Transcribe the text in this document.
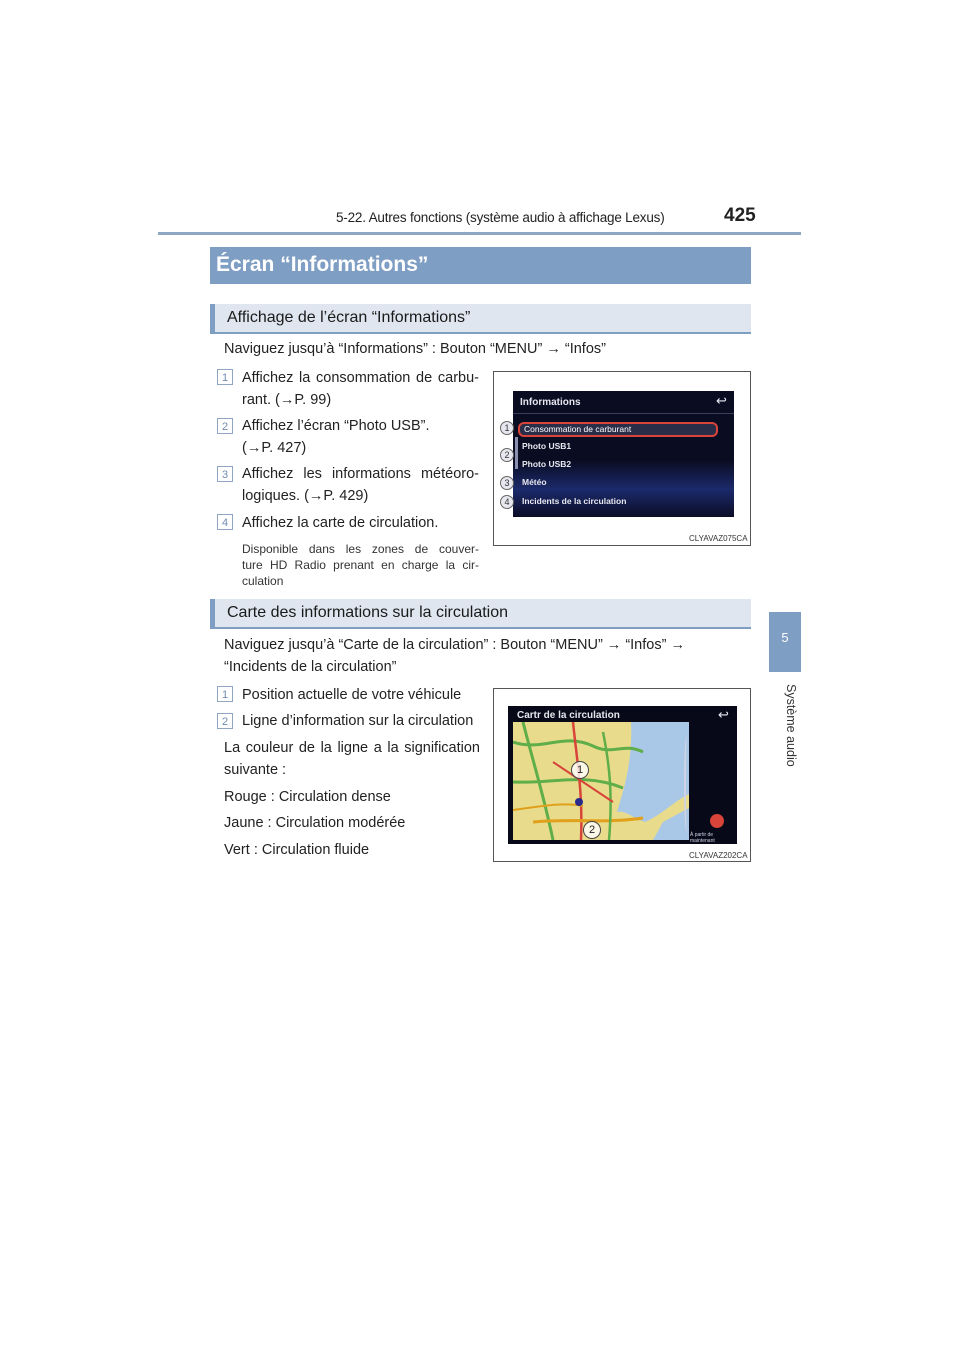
5-22. Autres fonctions (système audio à affichage Lexus)	425
5
Système audio
Écran “Informations”
Affichage de l’écran “Informations”
Naviguez jusqu’à “Informations” : Bouton “MENU” → “Infos”
1 Affichez la consommation de carbu-
rant. (→P. 99)
2 Affichez l’écran “Photo USB”.
(→P. 427)
3 Affichez les informations météoro-
logiques. (→P. 429)
4 Affichez la carte de circulation.
Disponible dans les zones de couver-
ture HD Radio prenant en charge la cir-
culation
Informations	↩
Consommation de carburant
Photo USB1
Photo USB2
Météo
Incidents de la circulation
1
2
3
4
CLYAVAZ075CA
Carte des informations sur la circulation
Naviguez jusqu’à “Carte de la circulation” : Bouton “MENU” → “Infos” →
“Incidents de la circulation”
1 Position actuelle de votre véhicule
2 Ligne d’information sur la circulation
La couleur de la ligne a la signification
suivante :
Rouge : Circulation dense
Jaune : Circulation modérée
Vert : Circulation fluide
Cartr de la circulation	↩
À partir de maintenant
1
2
CLYAVAZ202CA
